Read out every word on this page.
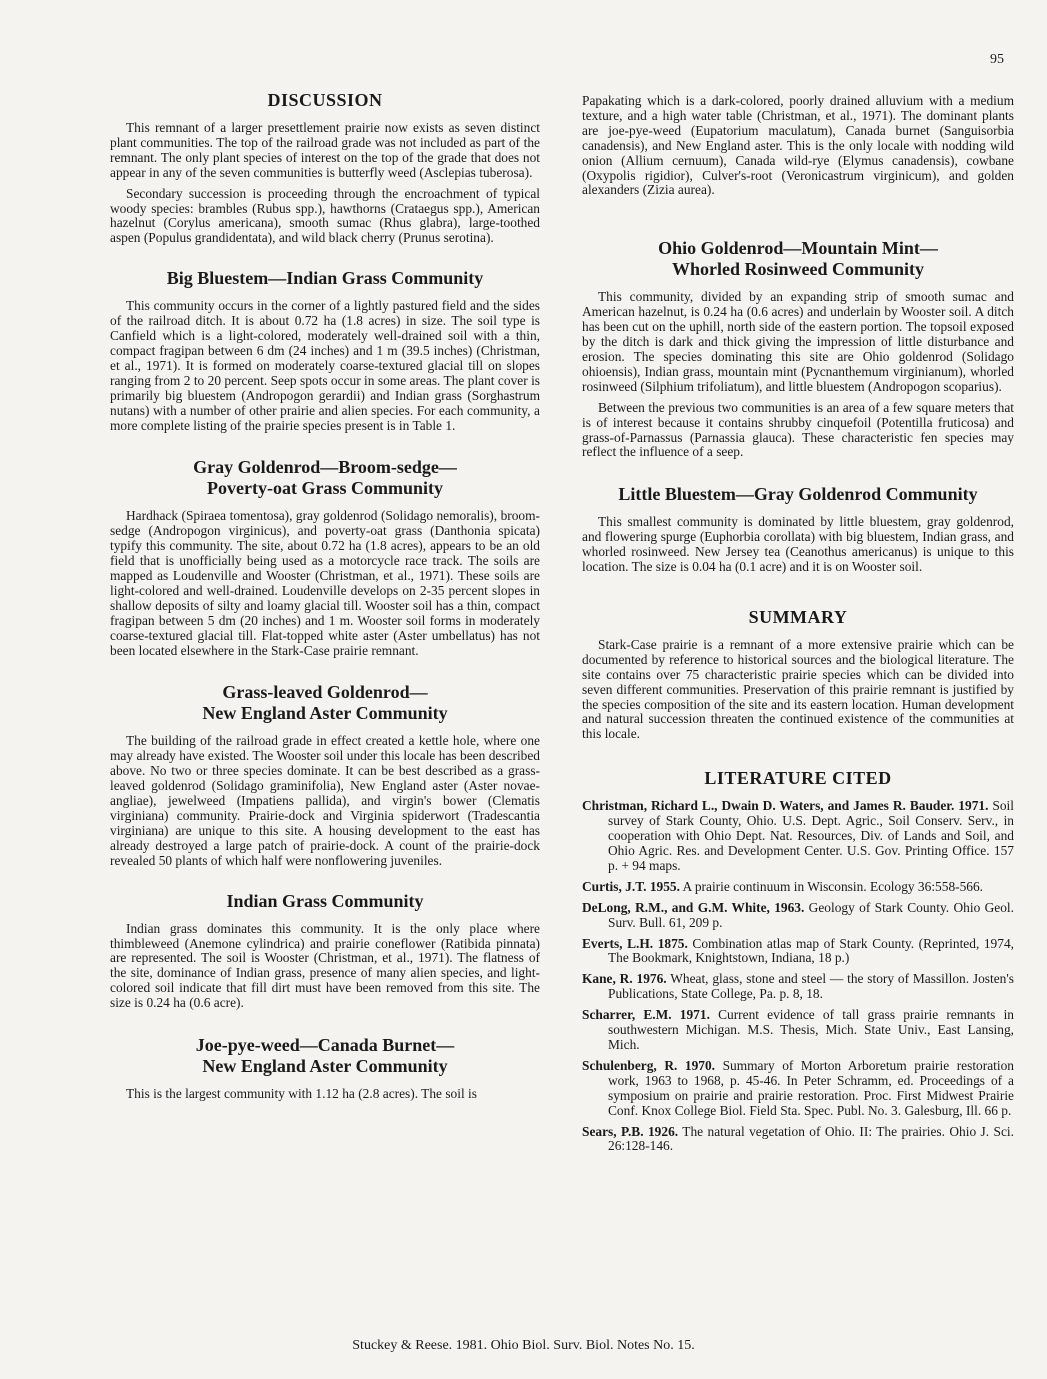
95
DISCUSSION

This remnant of a larger presettlement prairie now exists as seven distinct plant communities. The top of the railroad grade was not included as part of the remnant. The only plant species of interest on the top of the grade that does not appear in any of the seven communities is butterfly weed (Asclepias tuberosa).

Secondary succession is proceeding through the encroachment of typical woody species: brambles (Rubus spp.), hawthorns (Crataegus spp.), American hazelnut (Corylus americana), smooth sumac (Rhus glabra), large-toothed aspen (Populus grandidentata), and wild black cherry (Prunus serotina).

Big Bluestem—Indian Grass Community

This community occurs in the corner of a lightly pastured field and the sides of the railroad ditch. It is about 0.72 ha (1.8 acres) in size. The soil type is Canfield which is a light-colored, moderately well-drained soil with a thin, compact fragipan between 6 dm (24 inches) and 1 m (39.5 inches) (Christman, et al., 1971). It is formed on moderately coarse-textured glacial till on slopes ranging from 2 to 20 percent. Seep spots occur in some areas. The plant cover is primarily big bluestem (Andropogon gerardii) and Indian grass (Sorghastrum nutans) with a number of other prairie and alien species. For each community, a more complete listing of the prairie species present is in Table 1.

Gray Goldenrod—Broom-sedge—
Poverty-oat Grass Community

Hardhack (Spiraea tomentosa), gray goldenrod (Solidago nemoralis), broom-sedge (Andropogon virginicus), and poverty-oat grass (Danthonia spicata) typify this community. The site, about 0.72 ha (1.8 acres), appears to be an old field that is unofficially being used as a motorcycle race track. The soils are mapped as Loudenville and Wooster (Christman, et al., 1971). These soils are light-colored and well-drained. Loudenville develops on 2-35 percent slopes in shallow deposits of silty and loamy glacial till. Wooster soil has a thin, compact fragipan between 5 dm (20 inches) and 1 m. Wooster soil forms in moderately coarse-textured glacial till. Flat-topped white aster (Aster umbellatus) has not been located elsewhere in the Stark-Case prairie remnant.

Grass-leaved Goldenrod—
New England Aster Community

The building of the railroad grade in effect created a kettle hole, where one may already have existed. The Wooster soil under this locale has been described above. No two or three species dominate. It can be best described as a grass-leaved goldenrod (Solidago graminifolia), New England aster (Aster novae-angliae), jewelweed (Impatiens pallida), and virgin's bower (Clematis virginiana) community. Prairie-dock and Virginia spiderwort (Tradescantia virginiana) are unique to this site. A housing development to the east has already destroyed a large patch of prairie-dock. A count of the prairie-dock revealed 50 plants of which half were nonflowering juveniles.

Indian Grass Community

Indian grass dominates this community. It is the only place where thimbleweed (Anemone cylindrica) and prairie coneflower (Ratibida pinnata) are represented. The soil is Wooster (Christman, et al., 1971). The flatness of the site, dominance of Indian grass, presence of many alien species, and light-colored soil indicate that fill dirt must have been removed from this site. The size is 0.24 ha (0.6 acre).

Joe-pye-weed—Canada Burnet—
New England Aster Community

This is the largest community with 1.12 ha (2.8 acres). The soil is

Papakating which is a dark-colored, poorly drained alluvium with a medium texture, and a high water table (Christman, et al., 1971). The dominant plants are joe-pye-weed (Eupatorium maculatum), Canada burnet (Sanguisorbia canadensis), and New England aster. This is the only locale with nodding wild onion (Allium cernuum), Canada wild-rye (Elymus canadensis), cowbane (Oxypolis rigidior), Culver's-root (Veronicastrum virginicum), and golden alexanders (Zizia aurea).

Ohio Goldenrod—Mountain Mint—
Whorled Rosinweed Community

This community, divided by an expanding strip of smooth sumac and American hazelnut, is 0.24 ha (0.6 acres) and underlain by Wooster soil. A ditch has been cut on the uphill, north side of the eastern portion. The topsoil exposed by the ditch is dark and thick giving the impression of little disturbance and erosion. The species dominating this site are Ohio goldenrod (Solidago ohioensis), Indian grass, mountain mint (Pycnanthemum virginianum), whorled rosinweed (Silphium trifoliatum), and little bluestem (Andropogon scoparius).

Between the previous two communities is an area of a few square meters that is of interest because it contains shrubby cinquefoil (Potentilla fruticosa) and grass-of-Parnassus (Parnassia glauca). These characteristic fen species may reflect the influence of a seep.

Little Bluestem—Gray Goldenrod Community

This smallest community is dominated by little bluestem, gray goldenrod, and flowering spurge (Euphorbia corollata) with big bluestem, Indian grass, and whorled rosinweed. New Jersey tea (Ceanothus americanus) is unique to this location. The size is 0.04 ha (0.1 acre) and it is on Wooster soil.

SUMMARY

Stark-Case prairie is a remnant of a more extensive prairie which can be documented by reference to historical sources and the biological literature. The site contains over 75 characteristic prairie species which can be divided into seven different communities. Preservation of this prairie remnant is justified by the species composition of the site and its eastern location. Human development and natural succession threaten the continued existence of the communities at this locale.

LITERATURE CITED

Christman, Richard L., Dwain D. Waters, and James R. Bauder. 1971. Soil survey of Stark County, Ohio. U.S. Dept. Agric., Soil Conserv. Serv., in cooperation with Ohio Dept. Nat. Resources, Div. of Lands and Soil, and Ohio Agric. Res. and Development Center. U.S. Gov. Printing Office. 157 p. + 94 maps.

Curtis, J.T. 1955. A prairie continuum in Wisconsin. Ecology 36:558-566.

DeLong, R.M., and G.M. White, 1963. Geology of Stark County. Ohio Geol. Surv. Bull. 61, 209 p.

Everts, L.H. 1875. Combination atlas map of Stark County. (Reprinted, 1974, The Bookmark, Knightstown, Indiana, 18 p.)

Kane, R. 1976. Wheat, glass, stone and steel — the story of Massillon. Josten's Publications, State College, Pa. p. 8, 18.

Scharrer, E.M. 1971. Current evidence of tall grass prairie remnants in southwestern Michigan. M.S. Thesis, Mich. State Univ., East Lansing, Mich.

Schulenberg, R. 1970. Summary of Morton Arboretum prairie restoration work, 1963 to 1968, p. 45-46. In Peter Schramm, ed. Proceedings of a symposium on prairie and prairie restoration. Proc. First Midwest Prairie Conf. Knox College Biol. Field Sta. Spec. Publ. No. 3. Galesburg, Ill. 66 p.

Sears, P.B. 1926. The natural vegetation of Ohio. II: The prairies. Ohio J. Sci. 26:128-146.

Stuckey & Reese. 1981. Ohio Biol. Surv. Biol. Notes No. 15.
